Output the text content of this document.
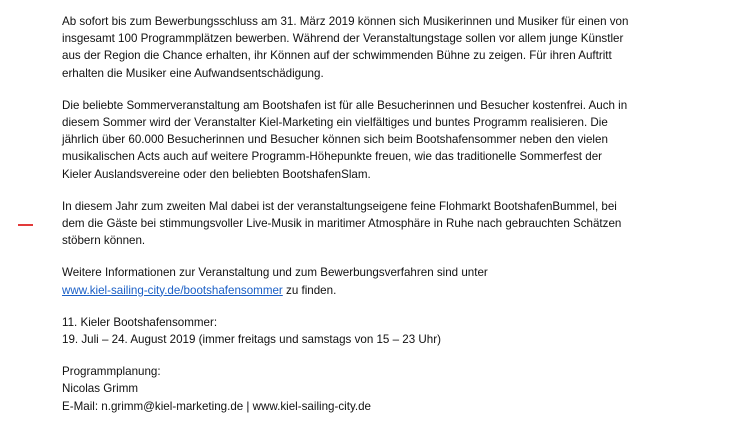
Ab sofort bis zum Bewerbungsschluss am 31. März 2019 können sich Musikerinnen und Musiker für einen von
insgesamt 100 Programmplätzen bewerben. Während der Veranstaltungstage sollen vor allem junge Künstler
aus der Region die Chance erhalten, ihr Können auf der schwimmenden Bühne zu zeigen. Für ihren Auftritt
erhalten die Musiker eine Aufwandsentschädigung.
Die beliebte Sommerveranstaltung am Bootshafen ist für alle Besucherinnen und Besucher kostenfrei. Auch in
diesem Sommer wird der Veranstalter Kiel-Marketing ein vielfältiges und buntes Programm realisieren. Die
jährlich über 60.000 Besucherinnen und Besucher können sich beim Bootshafensommer neben den vielen
musikalischen Acts auch auf weitere Programm-Höhepunkte freuen, wie das traditionelle Sommerfest der
Kieler Auslandsvereine oder den beliebten BootshafenSlam.
In diesem Jahr zum zweiten Mal dabei ist der veranstaltungseigene feine Flohmarkt BootshafenBummel, bei
dem die Gäste bei stimmungsvoller Live-Musik in maritimer Atmosphäre in Ruhe nach gebrauchten Schätzen
stöbern können.
Weitere Informationen zur Veranstaltung und zum Bewerbungsverfahren sind unter
www.kiel-sailing-city.de/bootshafensommer zu finden.
11. Kieler Bootshafensommer:
19. Juli – 24. August 2019 (immer freitags und samstags von 15 – 23 Uhr)
Programmplanung:
Nicolas Grimm
E-Mail: n.grimm@kiel-marketing.de | www.kiel-sailing-city.de
